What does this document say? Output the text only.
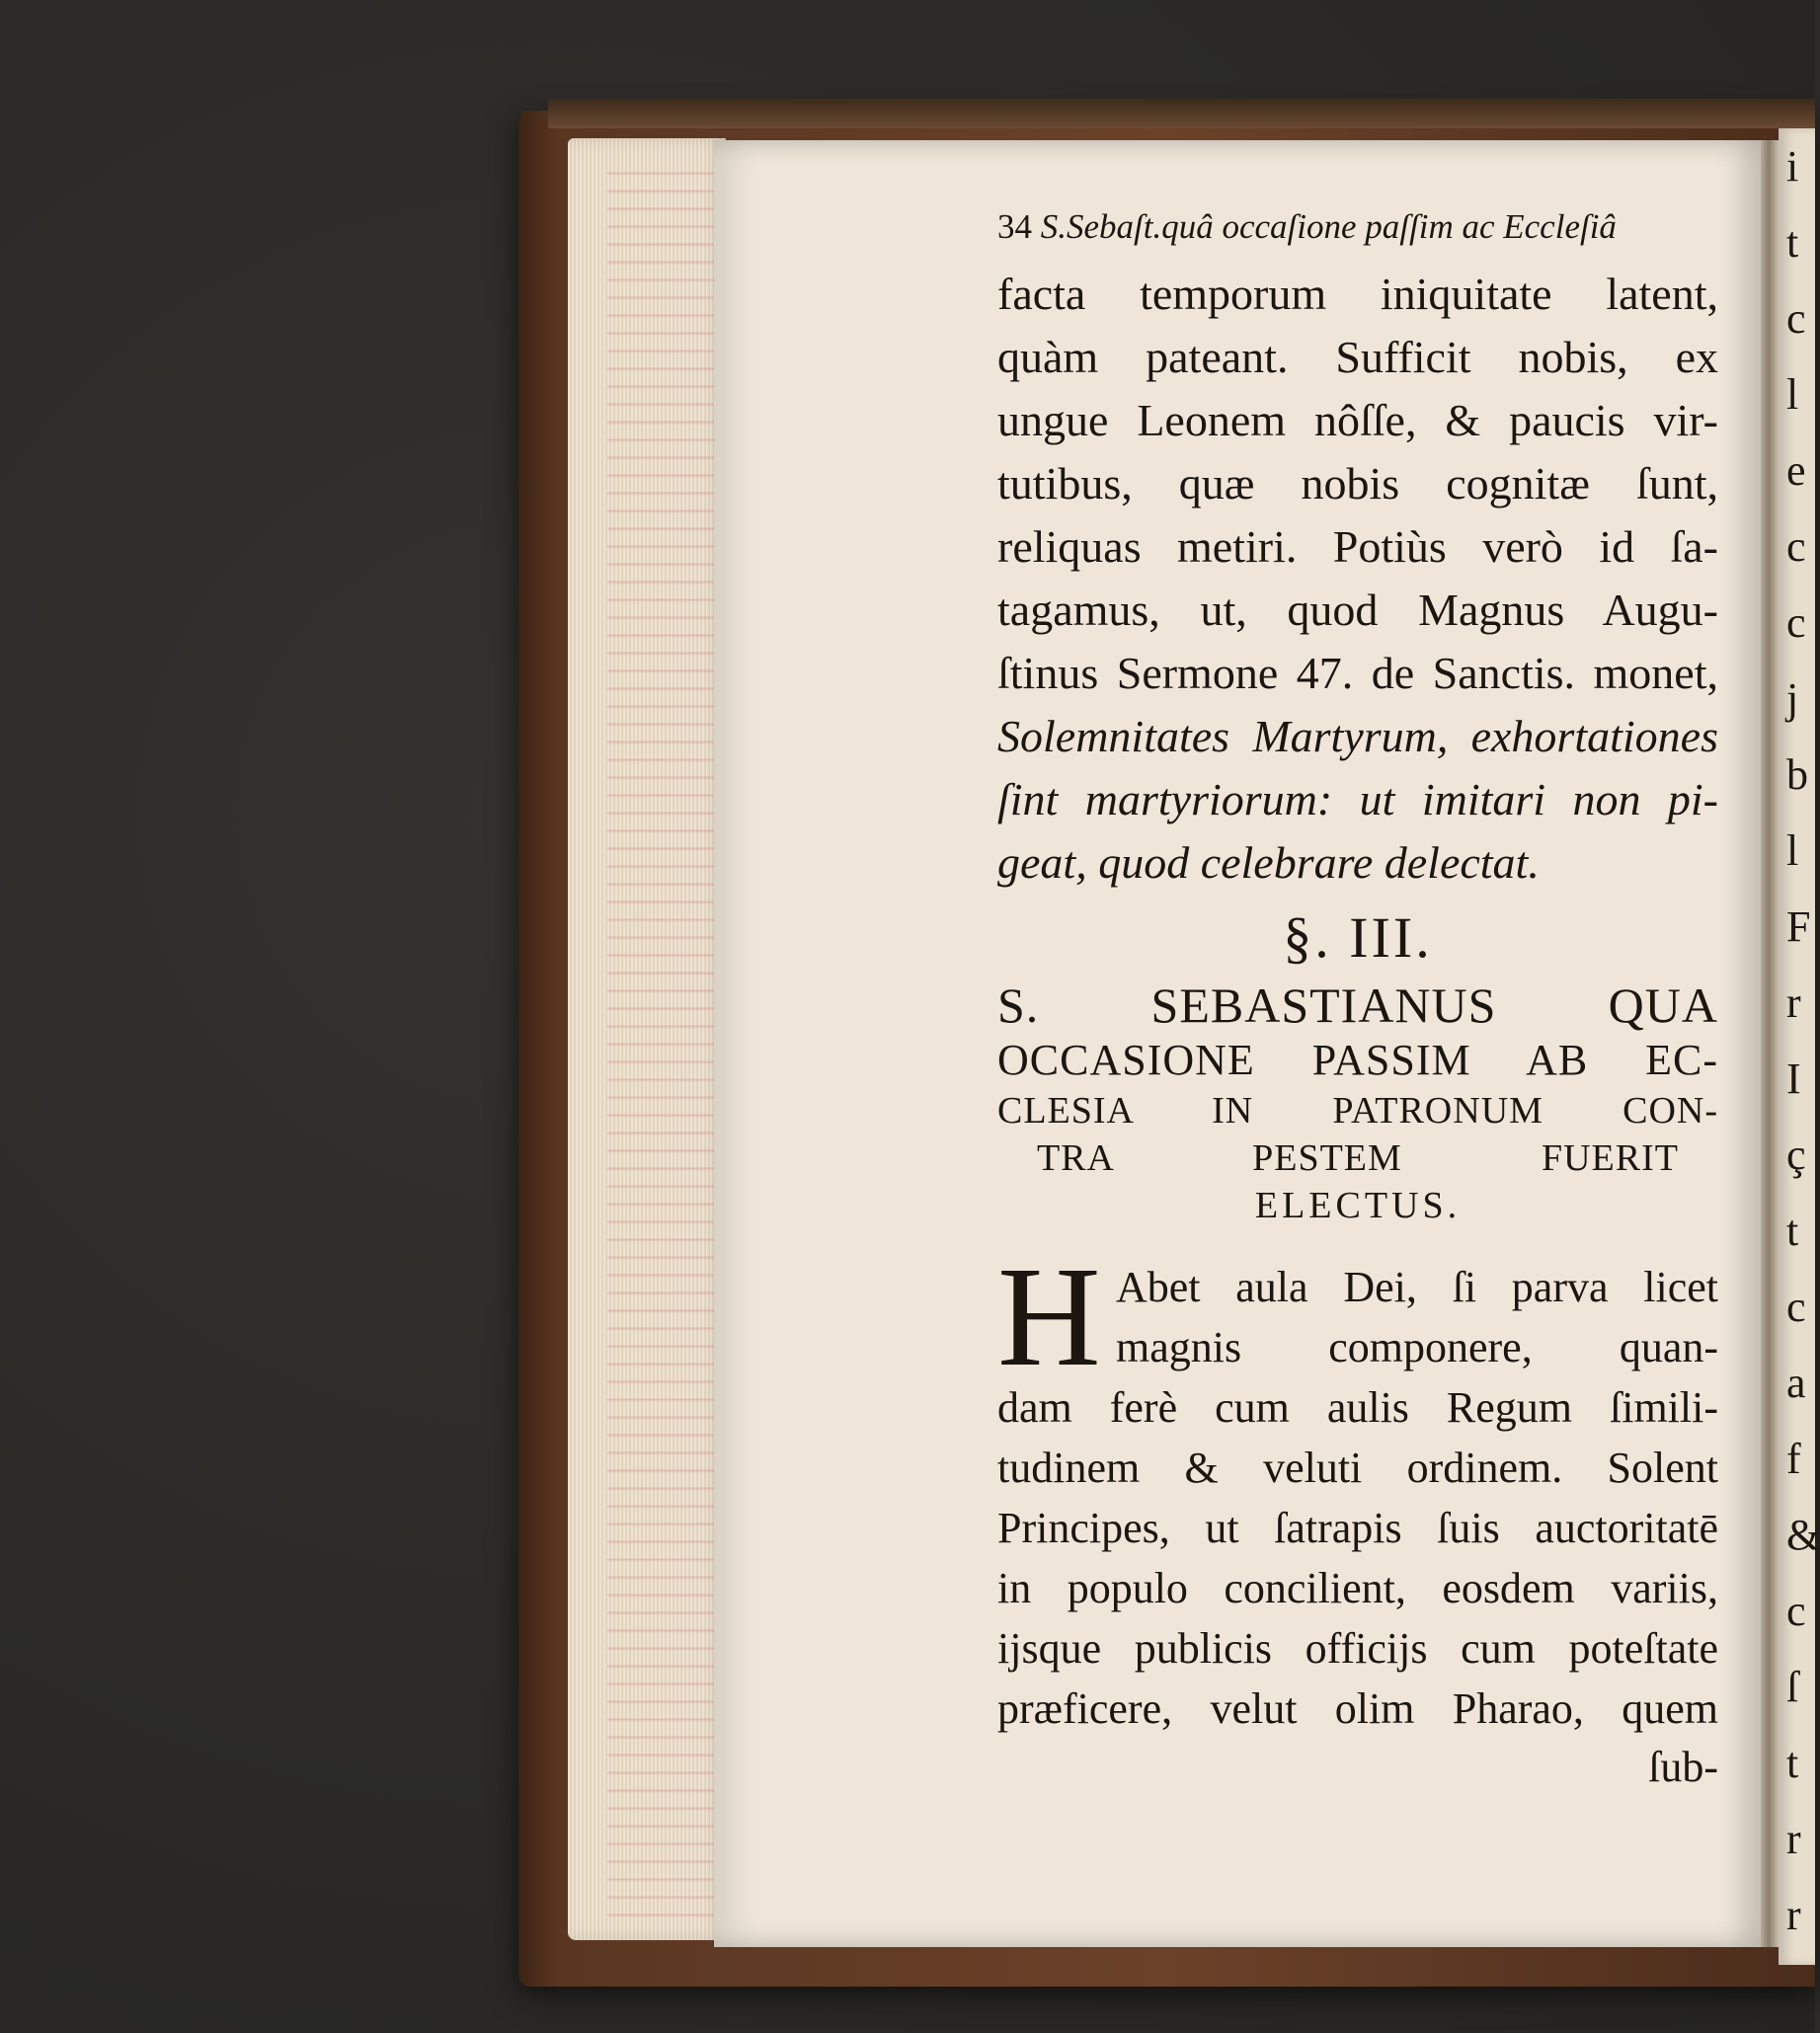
i
t
c
l
e
c
c
j
b
l
F
r
I
ç
t
c
a
f
&
c
ſ
t
r
r
34 S.Sebaſt.quâ occaſione paſſim ac Eccleſiâ
facta temporum iniquitate latent,
quàm pateant. Sufficit nobis, ex
ungue Leonem nôſſe, & paucis vir-
tutibus, quæ nobis cognitæ ſunt,
reliquas metiri. Potiùs verò id ſa-
tagamus, ut, quod Magnus Augu-
ſtinus Sermone 47. de Sanctis. monet,
Solemnitates Martyrum, exhortationes
ſint martyriorum: ut imitari non pi-
geat, quod celebrare delectat.
§. III.
S. SEBASTIANUS QUA
OCCASIONE PASSIM AB EC-
CLESIA IN PATRONUM CON-
TRA PESTEM FUERIT
ELECTUS.
H Abet aula Dei, ſi parva licet
magnis componere, quan-
dam ferè cum aulis Regum ſimili-
tudinem & veluti ordinem. Solent
Principes, ut ſatrapis ſuis auctoritatē
in populo concilient, eosdem variis,
ijsque publicis officijs cum poteſtate
præficere, velut olim Pharao, quem
ſub-
